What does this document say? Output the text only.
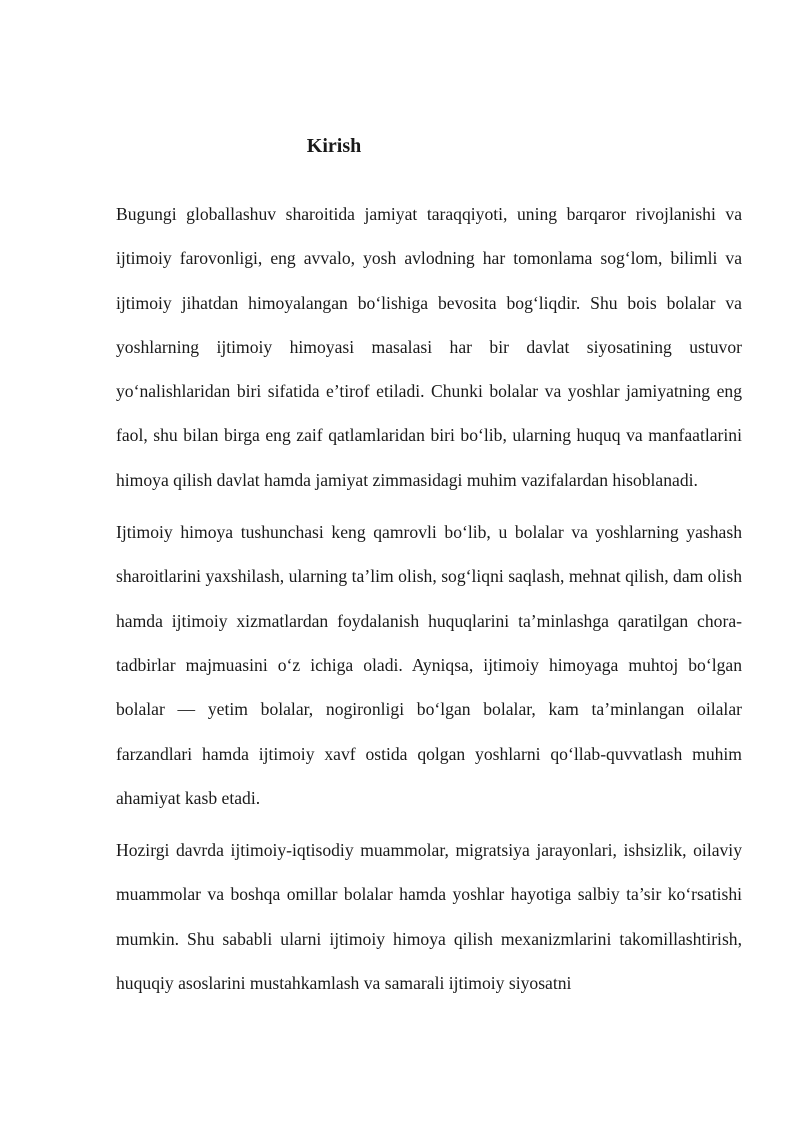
Kirish

Bugungi globallashuv sharoitida jamiyat taraqqiyoti, uning barqaror rivojlanishi va ijtimoiy farovonligi, eng avvalo, yosh avlodning har tomonlama sog‘lom, bilimli va ijtimoiy jihatdan himoyalangan bo‘lishiga bevosita bog‘liqdir. Shu bois bolalar va yoshlarning ijtimoiy himoyasi masalasi har bir davlat siyosatining ustuvor yo‘nalishlaridan biri sifatida e’tirof etiladi. Chunki bolalar va yoshlar jamiyatning eng faol, shu bilan birga eng zaif qatlamlaridan biri bo‘lib, ularning huquq va manfaatlarini himoya qilish davlat hamda jamiyat zimmasidagi muhim vazifalardan hisoblanadi.

Ijtimoiy himoya tushunchasi keng qamrovli bo‘lib, u bolalar va yoshlarning yashash sharoitlarini yaxshilash, ularning ta’lim olish, sog‘liqni saqlash, mehnat qilish, dam olish hamda ijtimoiy xizmatlardan foydalanish huquqlarini ta’minlashga qaratilgan chora-tadbirlar majmuasini o‘z ichiga oladi. Ayniqsa, ijtimoiy himoyaga muhtoj bo‘lgan bolalar — yetim bolalar, nogironligi bo‘lgan bolalar, kam ta’minlangan oilalar farzandlari hamda ijtimoiy xavf ostida qolgan yoshlarni qo‘llab-quvvatlash muhim ahamiyat kasb etadi.

Hozirgi davrda ijtimoiy-iqtisodiy muammolar, migratsiya jarayonlari, ishsizlik, oilaviy muammolar va boshqa omillar bolalar hamda yoshlar hayotiga salbiy ta’sir ko‘rsatishi mumkin. Shu sababli ularni ijtimoiy himoya qilish mexanizmlarini takomillashtirish, huquqiy asoslarini mustahkamlash va samarali ijtimoiy siyosatni
